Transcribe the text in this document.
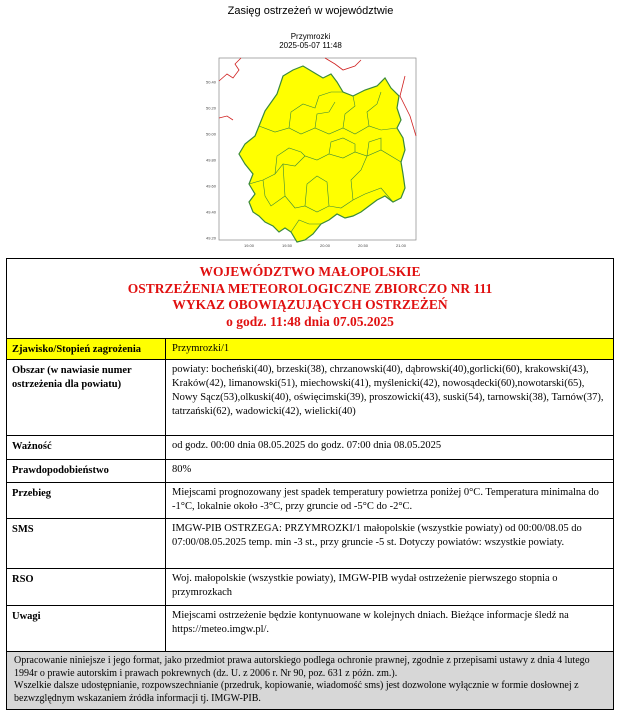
Zasięg ostrzeżeń w województwie
Przymrozki
2025-05-07 11:48
50.40
50.20
50.00
49.80
49.60
49.40
49.20
19.00	19.50	20.00	20.50	21.00
WOJEWÓDZTWO MAŁOPOLSKIE
OSTRZEŻENIA METEOROLOGICZNE ZBIORCZO NR 111
WYKAZ OBOWIĄZUJĄCYCH OSTRZEŻEŃ
o godz. 11:48 dnia 07.05.2025
Zjawisko/Stopień zagrożenia	Przymrozki/1
Obszar (w nawiasie numer ostrzeżenia dla powiatu)
powiaty: bocheński(40), brzeski(38), chrzanowski(40), dąbrowski(40),gorlicki(60), krakowski(43), Kraków(42), limanowski(51), miechowski(41), myślenicki(42), nowosądecki(60),nowotarski(65), Nowy Sącz(53),olkuski(40), oświęcimski(39), proszowicki(43), suski(54), tarnowski(38), Tarnów(37), tatrzański(62), wadowicki(42), wielicki(40)
Ważność	od godz. 00:00 dnia 08.05.2025 do godz. 07:00 dnia 08.05.2025
Prawdopodobieństwo	80%
Przebieg	Miejscami prognozowany jest spadek temperatury powietrza poniżej 0°C. Temperatura minimalna do -1°C, lokalnie około -3°C, przy gruncie od -5°C do -2°C.
SMS	IMGW-PIB OSTRZEGA: PRZYMROZKI/1 małopolskie (wszystkie powiaty) od 00:00/08.05 do 07:00/08.05.2025 temp. min -3 st., przy gruncie -5 st. Dotyczy powiatów: wszystkie powiaty.
RSO	Woj. małopolskie (wszystkie powiaty), IMGW-PIB wydał ostrzeżenie pierwszego stopnia o przymrozkach
Uwagi	Miejscami ostrzeżenie będzie kontynuowane w kolejnych dniach. Bieżące informacje śledź na https://meteo.imgw.pl/.
Opracowanie niniejsze i jego format, jako przedmiot prawa autorskiego podlega ochronie prawnej, zgodnie z przepisami ustawy z dnia 4 lutego 1994r o prawie autorskim i prawach pokrewnych (dz. U. z 2006 r. Nr 90, poz. 631 z późn. zm.).
Wszelkie dalsze udostępnianie, rozpowszechnianie (przedruk, kopiowanie, wiadomość sms) jest dozwolone wyłącznie w formie dosłownej z bezwzględnym wskazaniem źródła informacji tj. IMGW-PIB.
